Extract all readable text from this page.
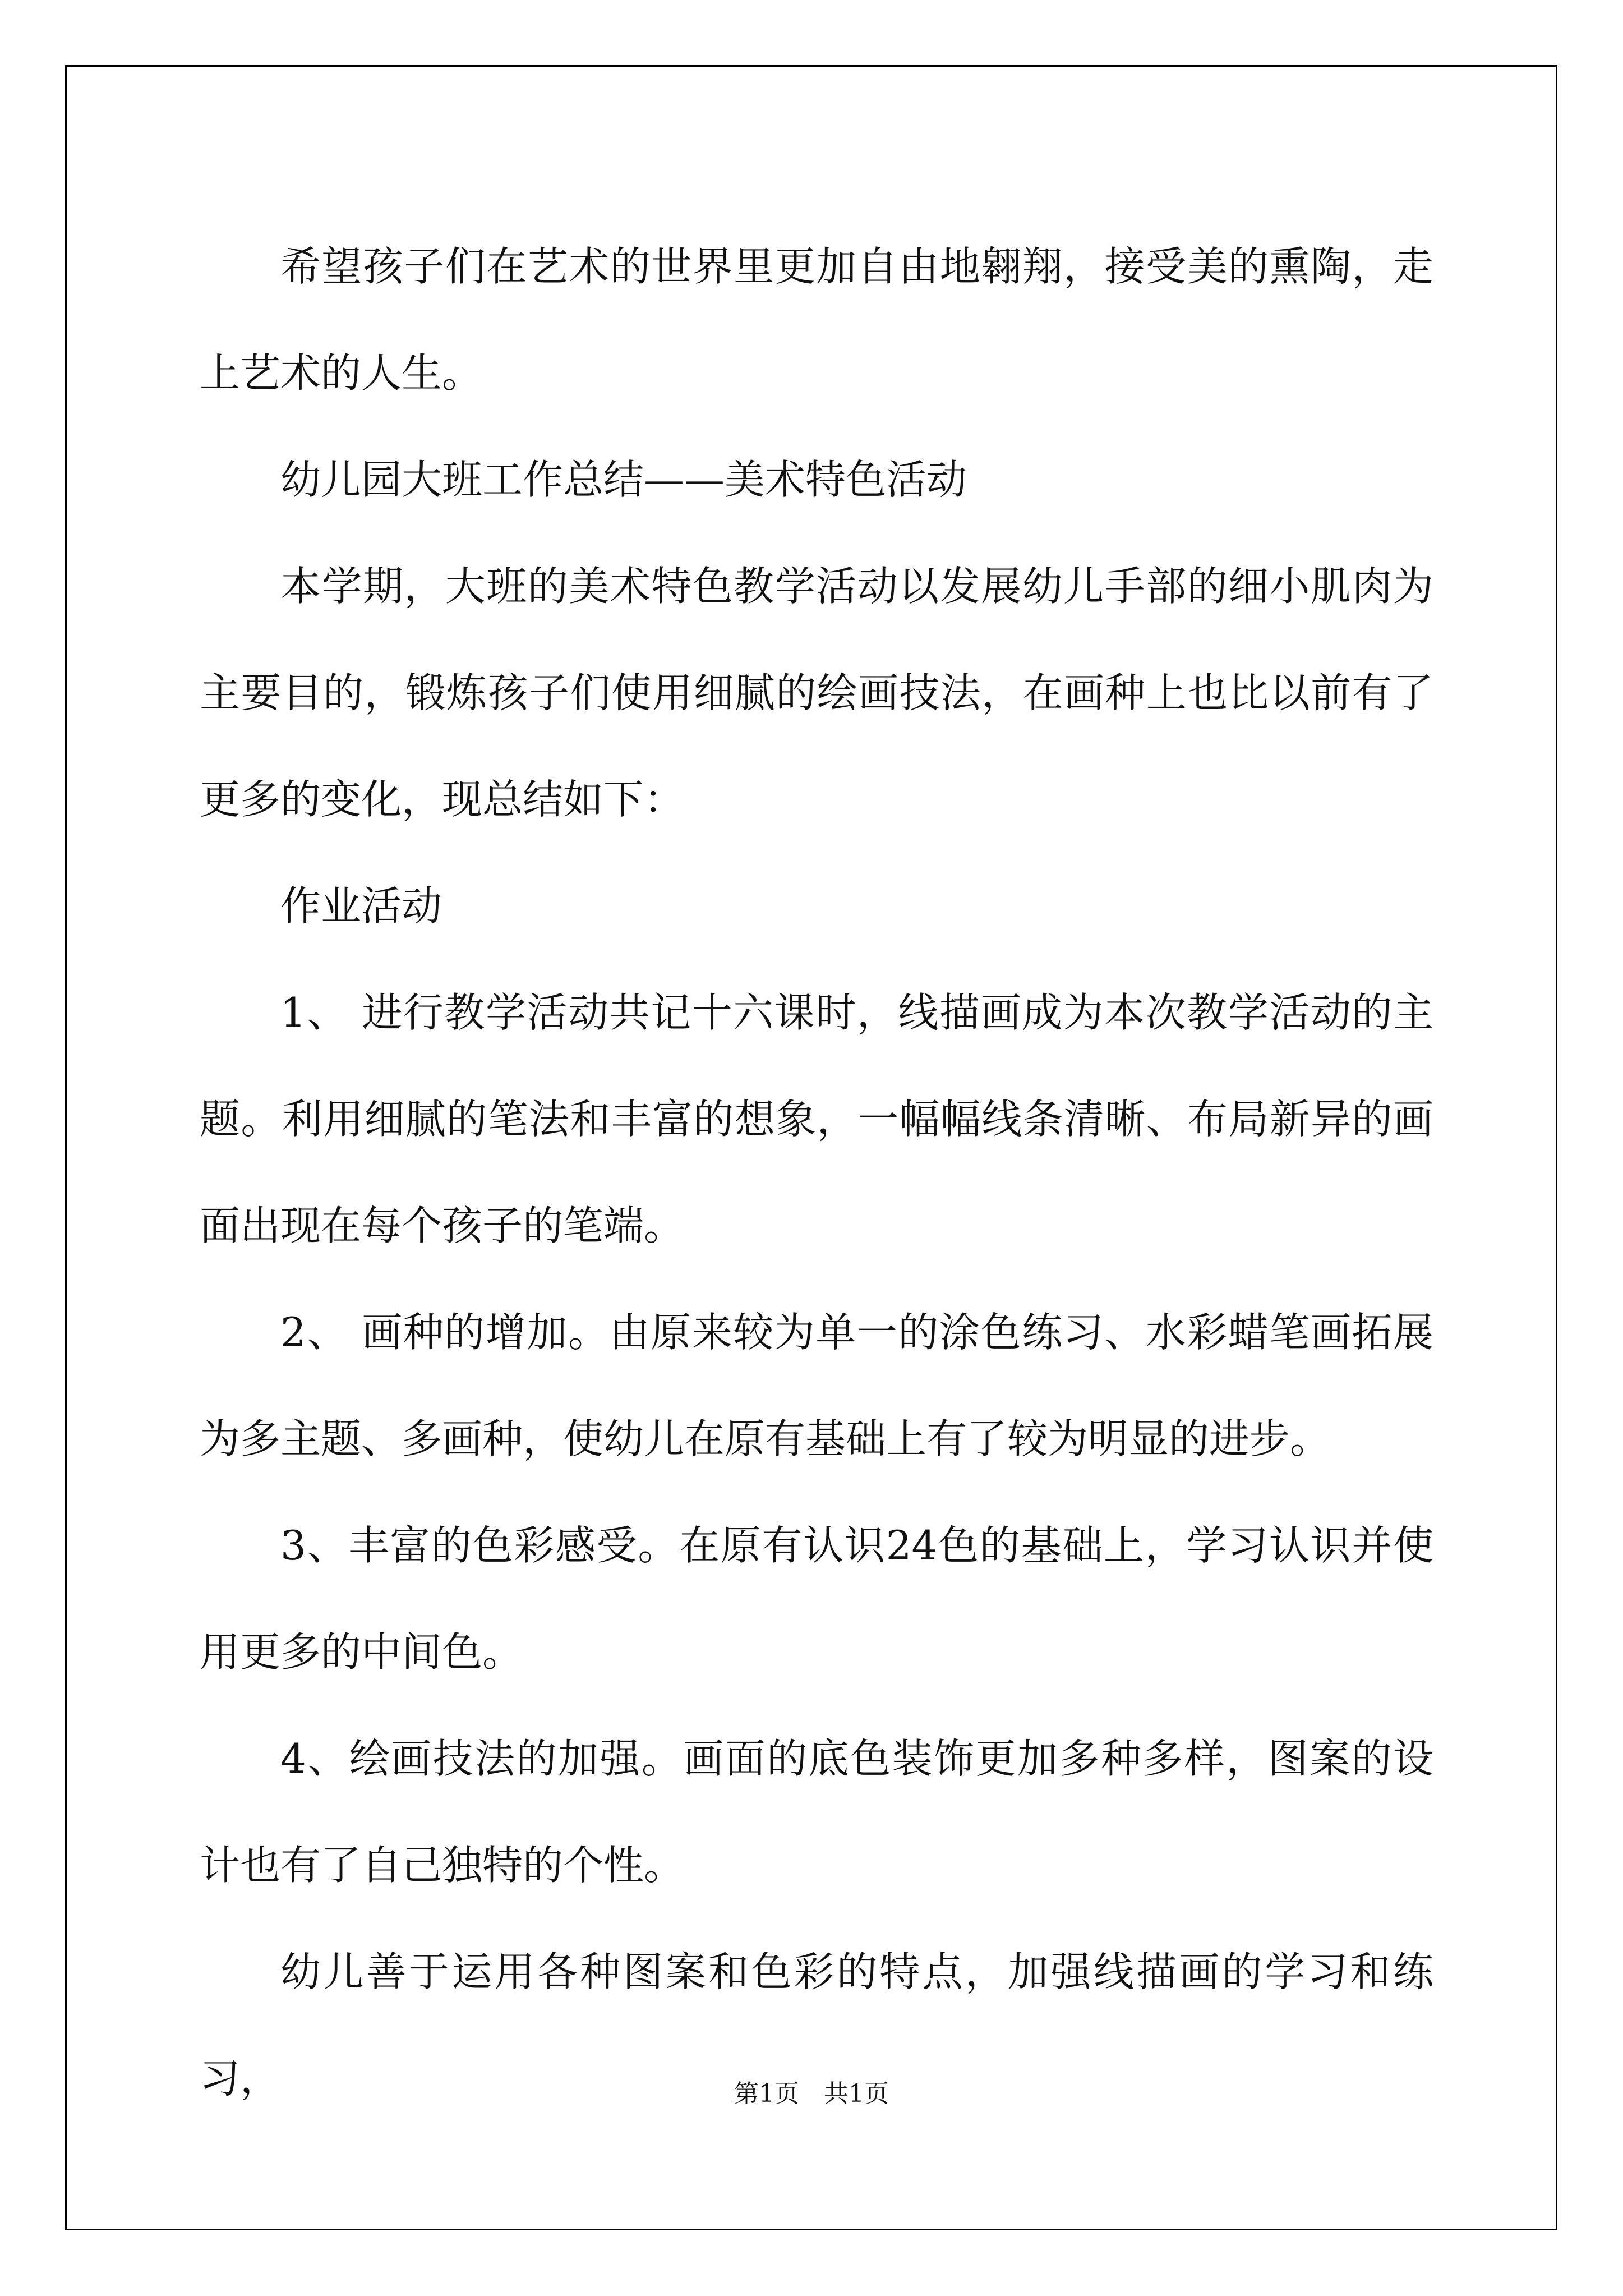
希望孩子们在艺术的世界里更加自由地翱翔，接受美的熏陶，走上艺术的人生。

幼儿园大班工作总结——美术特色活动

本学期，大班的美术特色教学活动以发展幼儿手部的细小肌肉为主要目的，锻炼孩子们使用细腻的绘画技法，在画种上也比以前有了更多的变化，现总结如下：

作业活动

1、 进行教学活动共记十六课时，线描画成为本次教学活动的主题。利用细腻的笔法和丰富的想象，一幅幅线条清晰、布局新异的画面出现在每个孩子的笔端。

2、 画种的增加。由原来较为单一的涂色练习、水彩蜡笔画拓展为多主题、多画种，使幼儿在原有基础上有了较为明显的进步。

3、丰富的色彩感受。在原有认识24色的基础上，学习认识并使用更多的中间色。

4、绘画技法的加强。画面的底色装饰更加多种多样，图案的设计也有了自己独特的个性。

幼儿善于运用各种图案和色彩的特点，加强线描画的学习和练习，	第1页　共1页
